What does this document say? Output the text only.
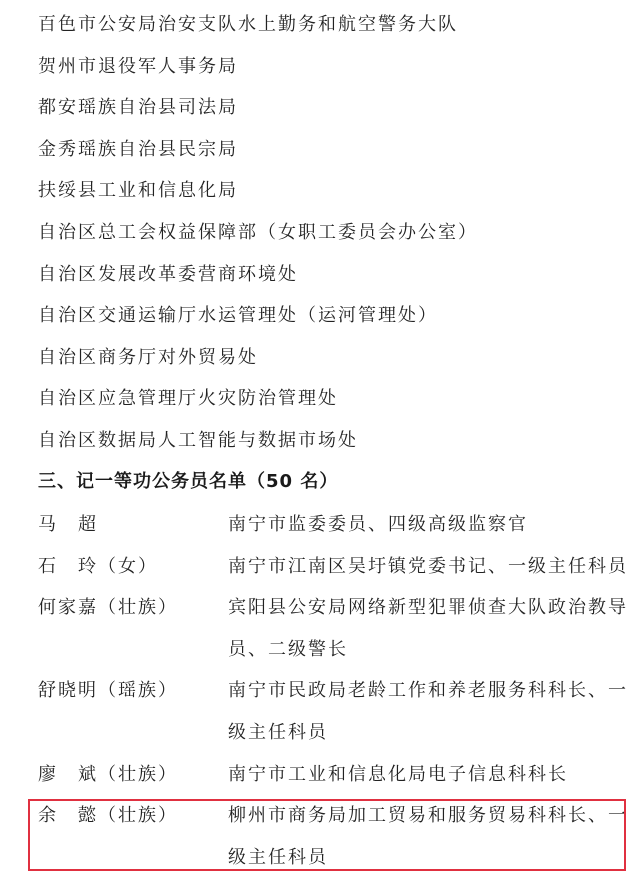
百色市公安局治安支队水上勤务和航空警务大队
贺州市退役军人事务局
都安瑶族自治县司法局
金秀瑶族自治县民宗局
扶绥县工业和信息化局
自治区总工会权益保障部（女职工委员会办公室）
自治区发展改革委营商环境处
自治区交通运输厅水运管理处（运河管理处）
自治区商务厅对外贸易处
自治区应急管理厅火灾防治管理处
自治区数据局人工智能与数据市场处
三、记一等功公务员名单（50 名）
马　超	南宁市监委委员、四级高级监察官
石　玲（女）	南宁市江南区吴圩镇党委书记、一级主任科员
何家嘉（壮族）	宾阳县公安局网络新型犯罪侦查大队政治教导员、二级警长
舒晓明（瑶族）	南宁市民政局老龄工作和养老服务科科长、一级主任科员
廖　斌（壮族）	南宁市工业和信息化局电子信息科科长
余　懿（壮族）	柳州市商务局加工贸易和服务贸易科科长、一级主任科员
